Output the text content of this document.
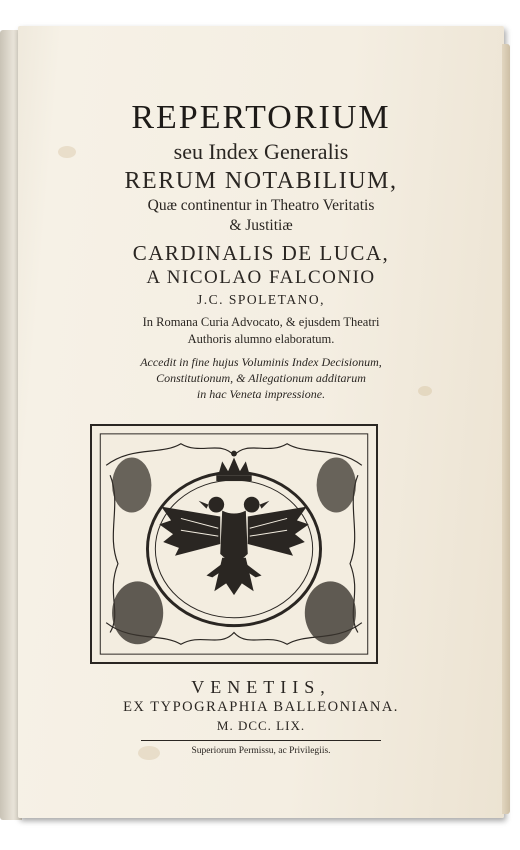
REPERTORIUM
seu Index Generalis
RERUM NOTABILIUM,
Quæ continentur in Theatro Veritatis
& Justitiæ
CARDINALIS DE LUCA,
A NICOLAO FALCONIO
J.C. SPOLETANO,
In Romana Curia Advocato, & ejusdem Theatri
Authoris alumno elaboratum.
Accedit in fine hujus Voluminis Index Decisionum,
Constitutionum, & Allegationum additarum
in hac Veneta impressione.
VENETIIS,
EX TYPOGRAPHIA BALLEONIANA.
M. DCC. LIX.
Superiorum Permissu, ac Privilegiis.
